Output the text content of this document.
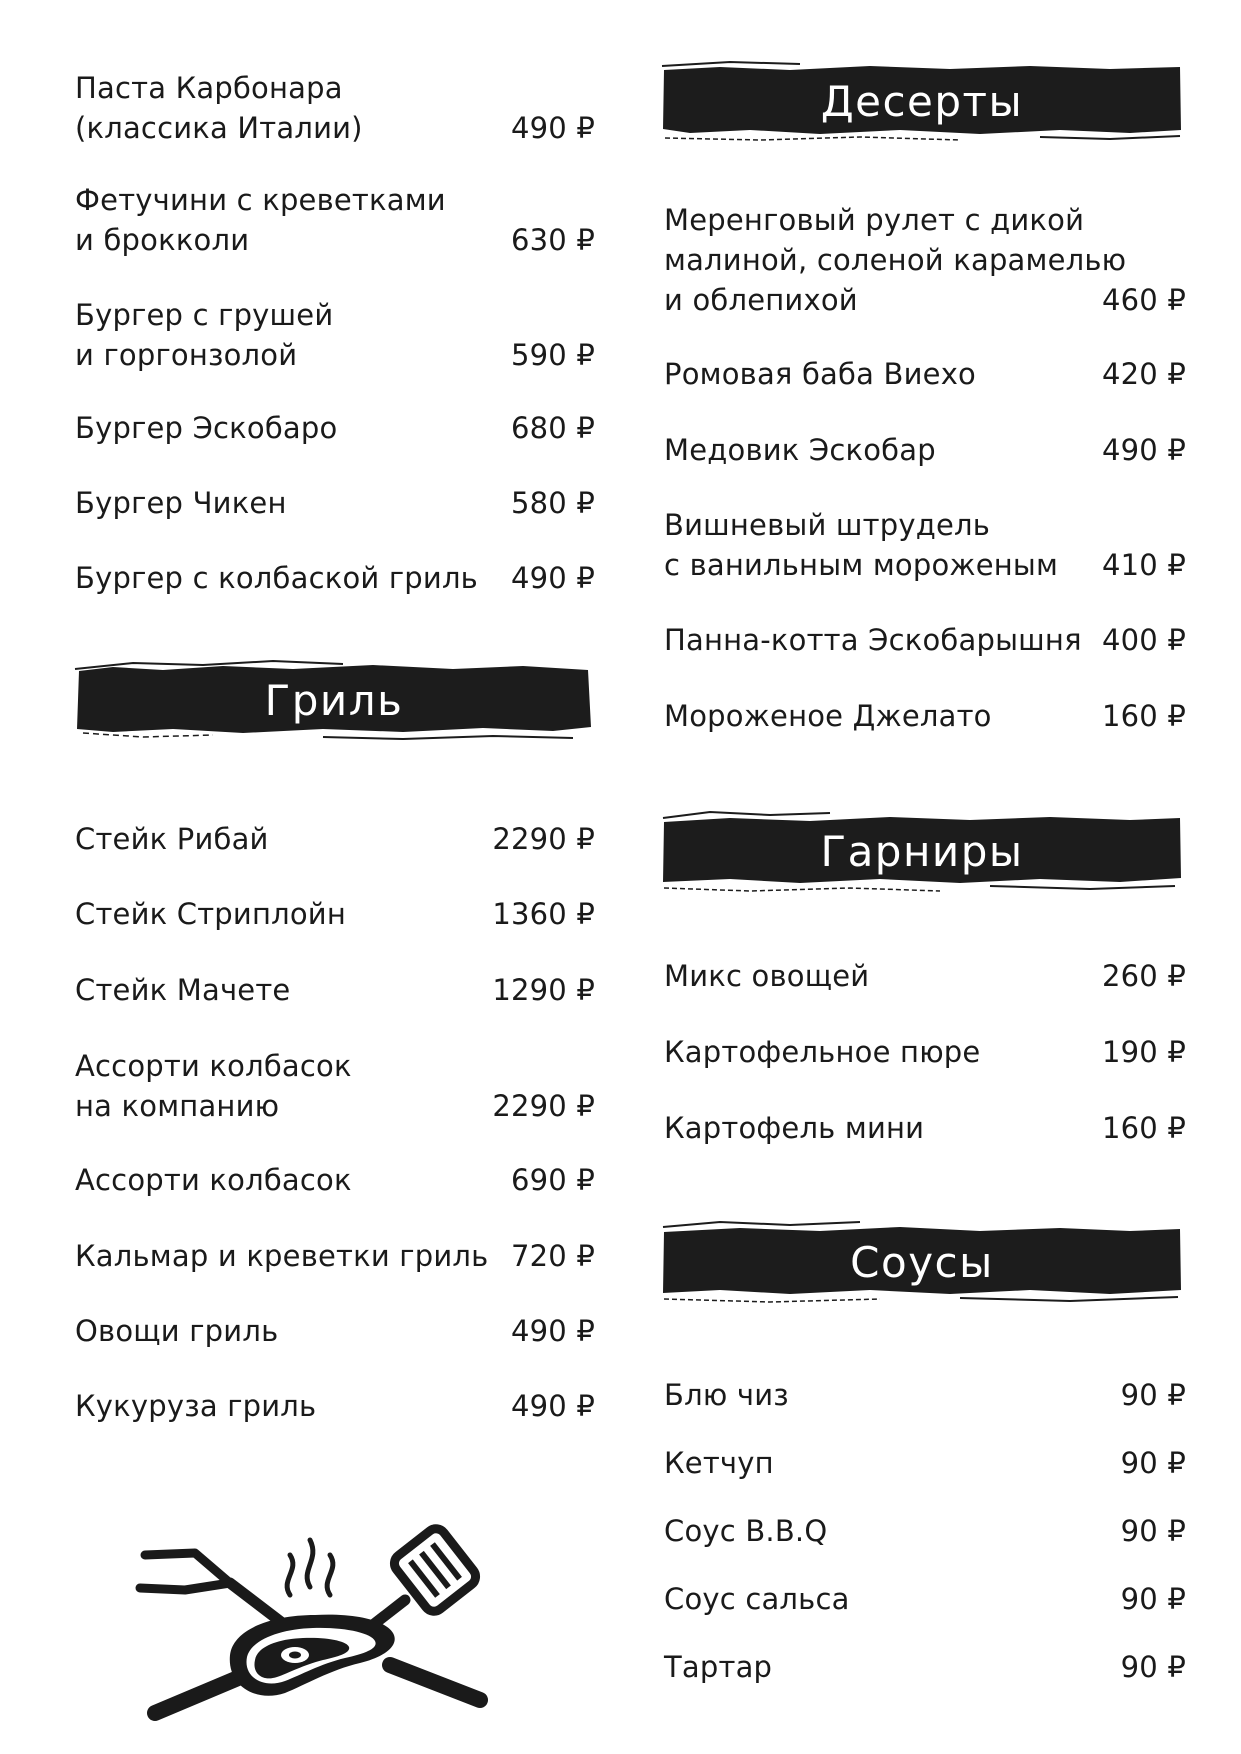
Паста Карбонара
(классика Италии)	490 ₽
Фетучини с креветками
и брокколи	630 ₽
Бургер с грушей
и горгонзолой	590 ₽
Бургер Эскобаро	680 ₽
Бургер Чикен	580 ₽
Бургер с колбаской гриль 490 ₽
Гриль
Стейк Рибай	2290 ₽
Стейк Стриплойн	1360 ₽
Стейк Мачете	1290 ₽
Ассорти колбасок
на компанию	2290 ₽
Ассорти колбасок	690 ₽
Кальмар и креветки гриль 720 ₽
Овощи гриль	490 ₽
Кукуруза гриль	490 ₽
Десерты
Меренговый рулет с дикой
малиной, соленой карамелью
и облепихой	460 ₽
Ромовая баба Виехо	420 ₽
Медовик Эскобар	490 ₽
Вишневый штрудель
с ванильным мороженым 410 ₽
Панна-котта Эскобарышня 400 ₽
Мороженое Джелато	160 ₽
Гарниры
Микс овощей	260 ₽
Картофельное пюре	190 ₽
Картофель мини	160 ₽
Соусы
Блю чиз	90 ₽
Кетчуп	90 ₽
Соус B.B.Q	90 ₽
Соус сальса	90 ₽
Тартар	90 ₽
